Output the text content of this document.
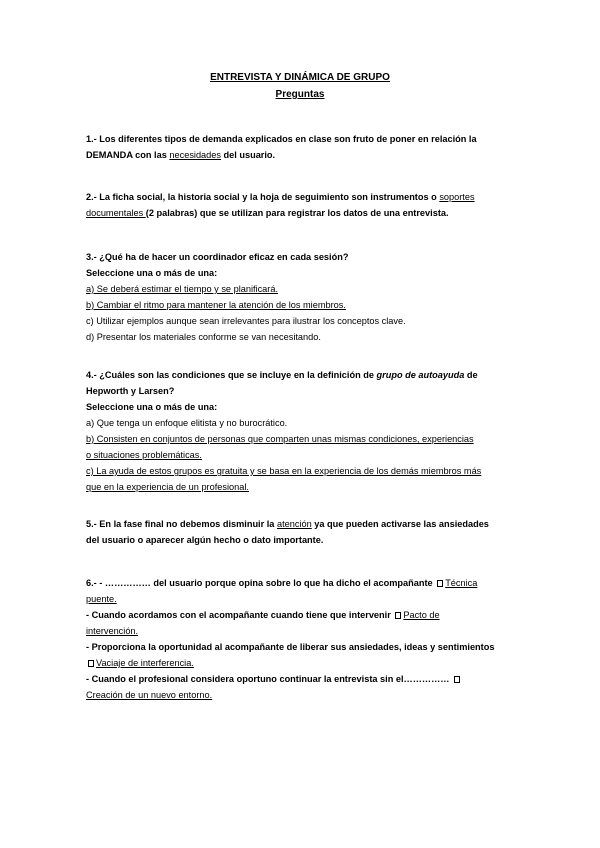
ENTREVISTA Y DINÁMICA DE GRUPO
Preguntas
1.- Los diferentes tipos de demanda explicados en clase son fruto de poner en relación la
DEMANDA con las necesidades del usuario.
2.- La ficha social, la historia social y la hoja de seguimiento son instrumentos o soportes
documentales (2 palabras) que se utilizan para registrar los datos de una entrevista.
3.- ¿Qué ha de hacer un coordinador eficaz en cada sesión?
Seleccione una o más de una:
a) Se deberá estimar el tiempo y se planificará.
b) Cambiar el ritmo para mantener la atención de los miembros.
c) Utilizar ejemplos aunque sean irrelevantes para ilustrar los conceptos clave.
d) Presentar los materiales conforme se van necesitando.
4.- ¿Cuáles son las condiciones que se incluye en la definición de grupo de autoayuda de
Hepworth y Larsen?
Seleccione una o más de una:
a) Que tenga un enfoque elitista y no burocrático.
b) Consisten en conjuntos de personas que comparten unas mismas condiciones, experiencias
o situaciones problemáticas.
c) La ayuda de estos grupos es gratuita y se basa en la experiencia de los demás miembros más
que en la experiencia de un profesional.
5.- En la fase final no debemos disminuir la atención ya que pueden activarse las ansiedades
del usuario o aparecer algún hecho o dato importante.
6.- - …………… del usuario porque opina sobre lo que ha dicho el acompañante Técnica
puente.
- Cuando acordamos con el acompañante cuando tiene que intervenir Pacto de
intervención.
- Proporciona la oportunidad al acompañante de liberar sus ansiedades, ideas y sentimientos
Vaciaje de interferencia.
- Cuando el profesional considera oportuno continuar la entrevista sin el……………
Creación de un nuevo entorno.
